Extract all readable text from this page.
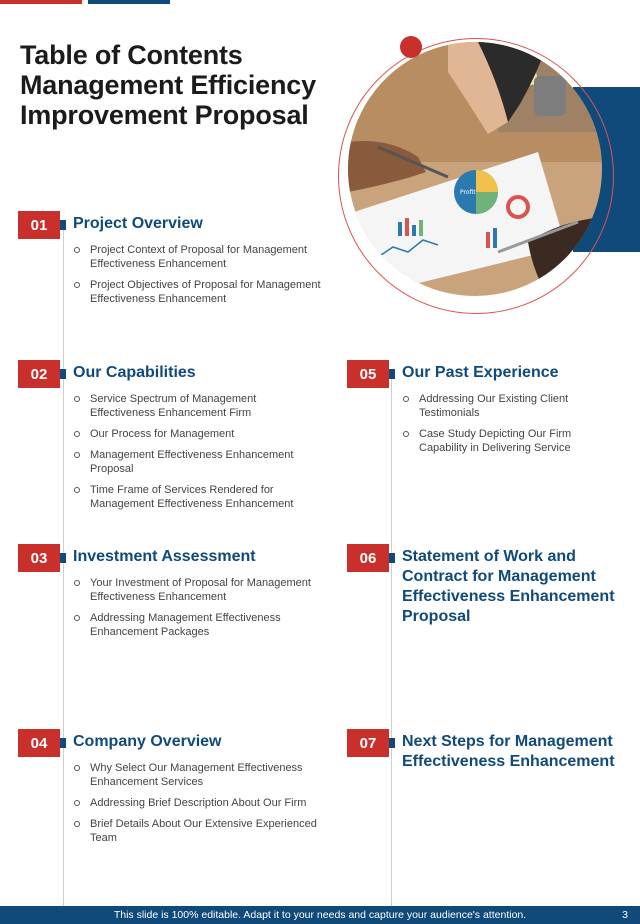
Table of Contents Management Efficiency Improvement Proposal
Profit
01	Project Overview
Project Context of Proposal for Management Effectiveness Enhancement
Project Objectives of Proposal for Management Effectiveness Enhancement
02	Our Capabilities
Service Spectrum of Management Effectiveness Enhancement Firm
Our Process for Management
Management Effectiveness Enhancement Proposal
Time Frame of Services Rendered for Management Effectiveness Enhancement
03	Investment Assessment
Your Investment of Proposal for Management Effectiveness Enhancement
Addressing Management Effectiveness Enhancement Packages
04	Company Overview
Why Select Our Management Effectiveness Enhancement Services
Addressing Brief Description About Our Firm
Brief Details About Our Extensive Experienced Team
05	Our Past Experience
Addressing Our Existing Client Testimonials
Case Study Depicting Our Firm Capability in Delivering Service
06	Statement of Work and Contract for Management Effectiveness Enhancement Proposal
07	Next Steps for Management Effectiveness Enhancement
This slide is 100% editable. Adapt it to your needs and capture your audience's attention.	3
